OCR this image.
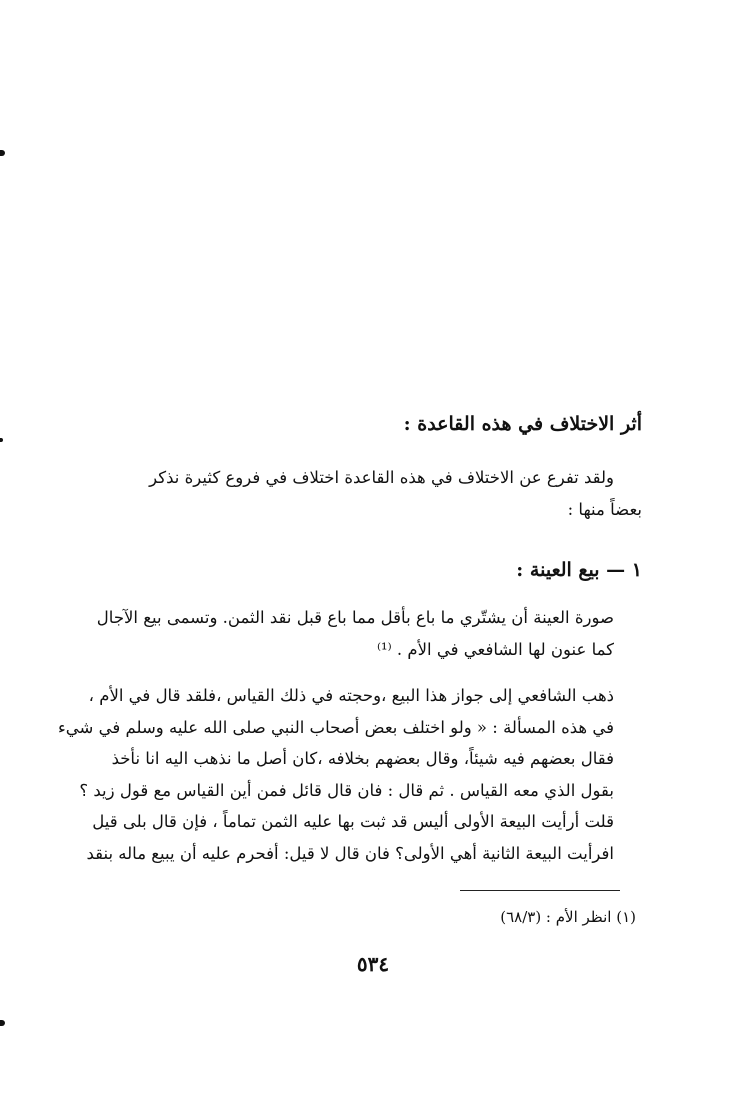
أثر الاختلاف في هذه القاعدة :
ولقد تفرع عن الاختلاف في هذه القاعدة اختلاف في فروع كثيرة نذكر
بعضاً منها :
١ — بيع العينة :
صورة العينة أن يشتّري ما باع بأقل مما باع قبل نقد الثمن. وتسمى بيع الآجال
كما عنون لها الشافعي في الأم . ⁽¹⁾
ذهب الشافعي إلى جواز هذا البيع ،وحجته في ذلك القياس ،فلقد قال في الأم ،
في هذه المسألة : « ولو اختلف بعض أصحاب النبي صلى الله عليه وسلم في شيء
فقال بعضهم فيه شيئاً، وقال بعضهم بخلافه ،كان أصل ما نذهب اليه انا نأخذ
بقول الذي معه القياس . ثم قال : فان قال قائل فمن أين القياس مع قول زيد ؟
قلت أرأيت البيعة الأولى أليس قد ثبت بها عليه الثمن تماماً ، فإن قال بلى قيل
افرأيت البيعة الثانية أهي الأولى؟ فان قال لا قيل: أفحرم عليه أن يبيع ماله بنقد
(١) انظر الأم : (٦٨/٣)
٥٣٤
